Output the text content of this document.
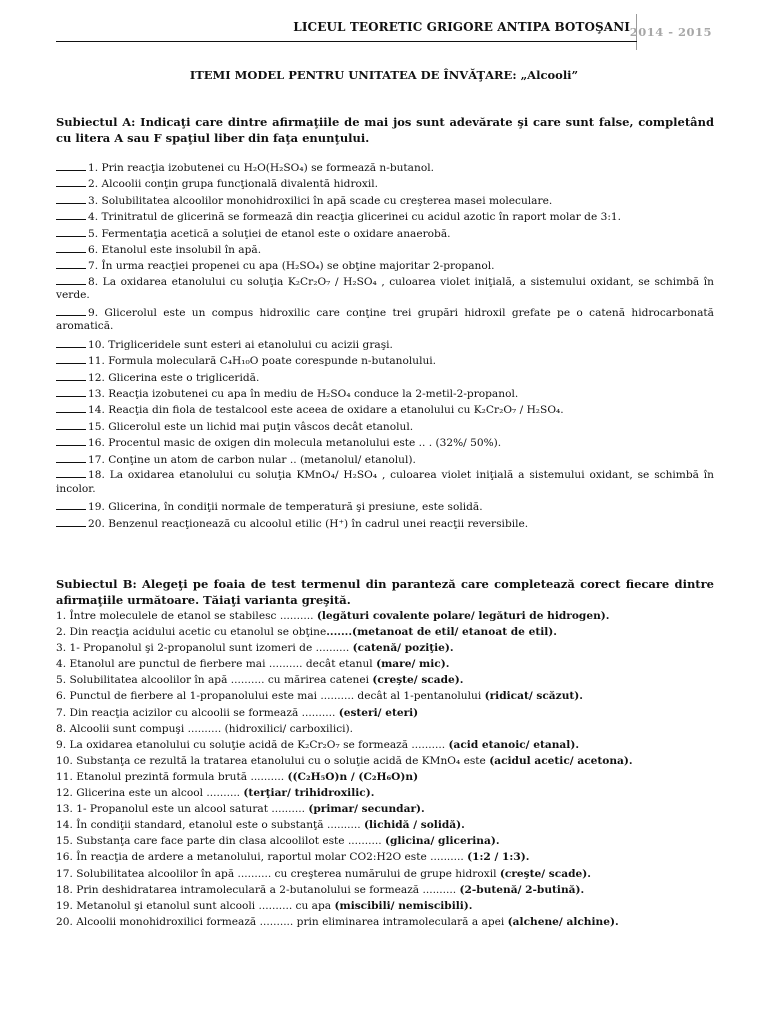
LICEUL TEORETIC GRIGORE ANTIPA BOTOŞANI 2014 - 2015
ITEMI MODEL PENTRU UNITATEA DE ÎNVĂŢARE: „Alcooli”
Subiectul A: Indicaţi care dintre afirmaţiile de mai jos sunt adevărate şi care sunt false, completând cu litera A sau F spaţiul liber din faţa enunţului.
1. Prin reacţia izobutenei cu H₂O(H₂SO₄) se formează n-butanol.
2. Alcoolii conţin grupa funcţională divalentă hidroxil.
3. Solubilitatea alcoolilor monohidroxilici în apă scade cu creşterea masei moleculare.
4. Trinitratul de glicerină se formează din reacţia glicerinei cu acidul azotic în raport molar de 3:1.
5. Fermentaţia acetică a soluţiei de etanol este o oxidare anaerobă.
6. Etanolul este insolubil în apă.
7. În urma reacţiei propenei cu apa (H₂SO₄) se obţine majoritar 2-propanol.
8. La oxidarea etanolului cu soluţia K₂Cr₂O₇ / H₂SO₄ , culoarea violet iniţială, a sistemului oxidant, se schimbă în verde.
9. Glicerolul este un compus hidroxilic care conţine trei grupări hidroxil grefate pe o catenă hidrocarbonată aromatică.
10. Trigliceridele sunt esteri ai etanolului cu acizii graşi.
11. Formula moleculară C₄H₁₀O poate corespunde n-butanolului.
12. Glicerina este o trigliceridă.
13. Reacţia izobutenei cu apa în mediu de H₂SO₄ conduce la 2-metil-2-propanol.
14. Reacţia din fiola de testalcool este aceea de oxidare a etanolului cu K₂Cr₂O₇ / H₂SO₄.
15. Glicerolul este un lichid mai puţin vâscos decât etanolul.
16. Procentul masic de oxigen din molecula metanolului este .. . (32%/ 50%).
17. Conţine un atom de carbon nular .. (metanolul/ etanolul).
18. La oxidarea etanolului cu soluţia KMnO₄/ H₂SO₄ , culoarea violet iniţială a sistemului oxidant, se schimbă în incolor.
19. Glicerina, în condiţii normale de temperatură şi presiune, este solidă.
20. Benzenul reacţionează cu alcoolul etilic (H⁺) în cadrul unei reacţii reversibile.
Subiectul B: Alegeţi pe foaia de test termenul din paranteză care completează corect fiecare dintre afirmaţiile următoare. Tăiaţi varianta greşită.
1. Între moleculele de etanol se stabilesc .......... (legături covalente polare/ legături de hidrogen).
2. Din reacţia acidului acetic cu etanolul se obţine.......(metanoat de etil/ etanoat de etil).
3. 1- Propanolul şi 2-propanolul sunt izomeri de .......... (catenă/ poziţie).
4. Etanolul are punctul de fierbere mai .......... decât etanul (mare/ mic).
5. Solubilitatea alcoolilor în apă .......... cu mărirea catenei (creşte/ scade).
6. Punctul de fierbere al 1-propanolului este mai .......... decât al 1-pentanolului (ridicat/ scăzut).
7. Din reacţia acizilor cu alcoolii se formează .......... (esteri/ eteri)
8. Alcoolii sunt compuşi .......... (hidroxilici/ carboxilici).
9. La oxidarea etanolului cu soluţie acidă de K₂Cr₂O₇ se formează .......... (acid etanoic/ etanal).
10. Substanţa ce rezultă la tratarea etanolului cu o soluţie acidă de KMnO₄ este (acidul acetic/ acetona).
11. Etanolul prezintă formula brută .......... ((C₂H₅O)n / (C₂H₆O)n)
12. Glicerina este un alcool .......... (terţiar/ trihidroxilic).
13. 1- Propanolul este un alcool saturat .......... (primar/ secundar).
14. În condiţii standard, etanolul este o substanţă .......... (lichidă / solidă).
15. Substanţa care face parte din clasa alcoolilot este .......... (glicina/ glicerina).
16. În reacţia de ardere a metanolului, raportul molar CO2:H2O este .......... (1:2 / 1:3).
17. Solubilitatea alcoolilor în apă .......... cu creşterea numărului de grupe hidroxil (creşte/ scade).
18. Prin deshidratarea intramoleculară a 2-butanolului se formează .......... (2-butenă/ 2-butină).
19. Metanolul şi etanolul sunt alcooli .......... cu apa (miscibili/ nemiscibili).
20. Alcoolii monohidroxilici formează .......... prin eliminarea intramoleculară a apei (alchene/ alchine).
